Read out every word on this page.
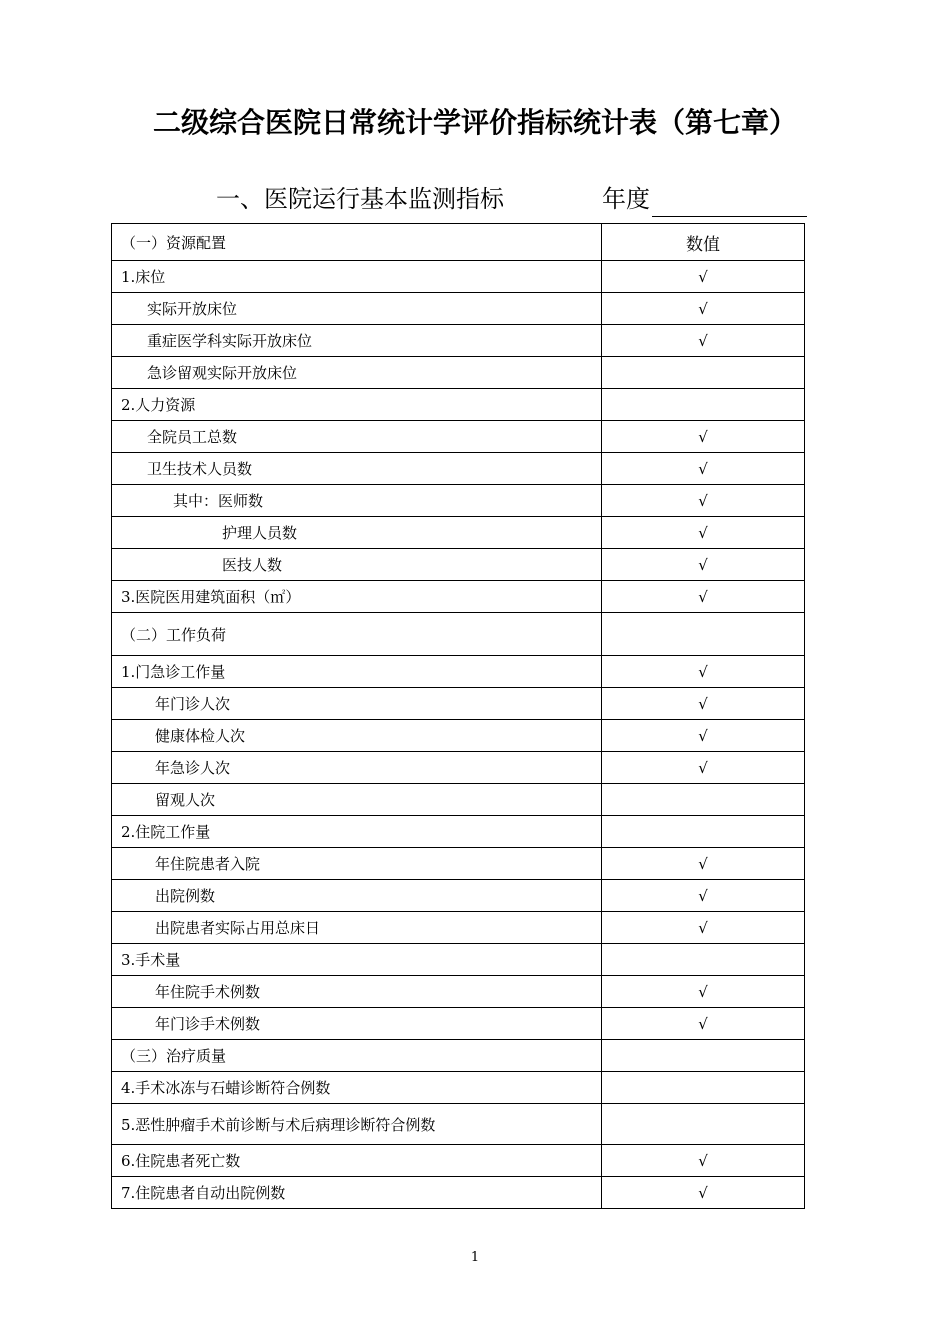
二级综合医院日常统计学评价指标统计表（第七章）
一、医院运行基本监测指标	年度
（一）资源配置	数值
1.床位	√
实际开放床位	√
重症医学科实际开放床位	√
急诊留观实际开放床位	
2.人力资源	
全院员工总数	√
卫生技术人员数	√
其中：医师数	√
护理人员数	√
医技人数	√
3.医院医用建筑面积（㎡）	√
（二）工作负荷	
1.门急诊工作量	√
年门诊人次	√
健康体检人次	√
年急诊人次	√
留观人次	
2.住院工作量	
年住院患者入院	√
出院例数	√
出院患者实际占用总床日	√
3.手术量	
年住院手术例数	√
年门诊手术例数	√
（三）治疗质量	
4.手术冰冻与石蜡诊断符合例数	
5.恶性肿瘤手术前诊断与术后病理诊断符合例数	
6.住院患者死亡数	√
7.住院患者自动出院例数	√
1
